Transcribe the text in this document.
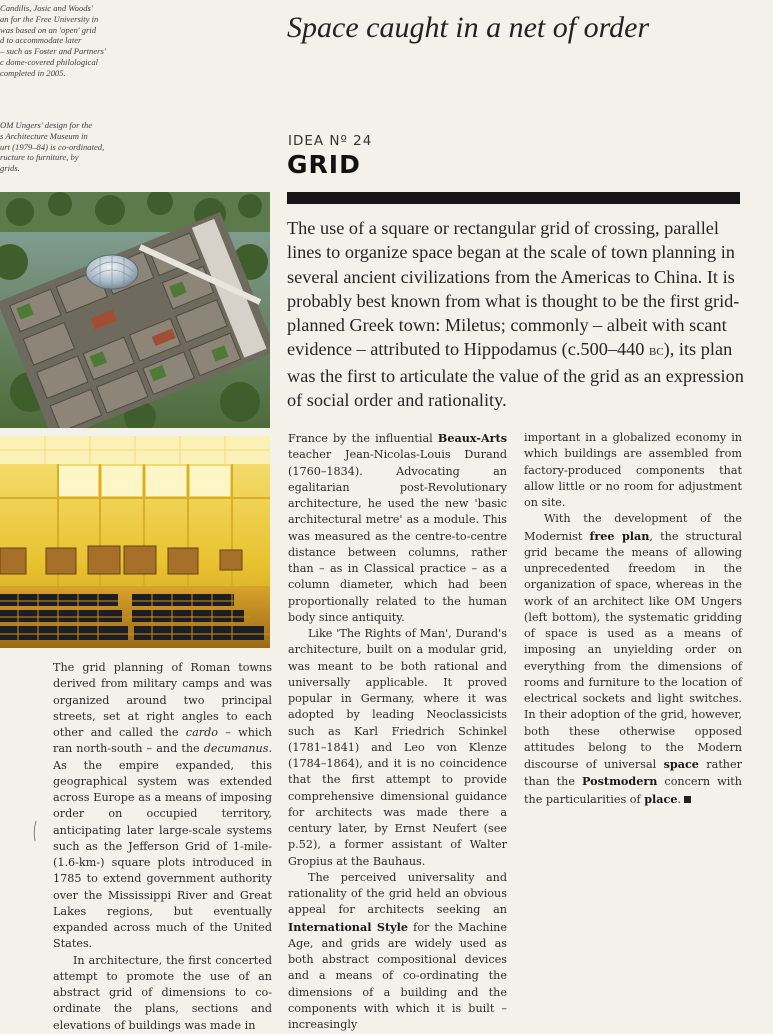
Candilis, Josic and Woods'
an for the Free University in
was based on an 'open' grid
d to accommodate later
– such as Foster and Partners'
c dome-covered philological
completed in 2005.
OM Ungers' design for the
s Architecture Museum in
urt (1979–84) is co-ordinated,
ructure to furniture, by
grids.
Space caught in a net of order
IDEA Nº 24
GRID

The use of a square or rectangular grid of crossing, parallel lines to organize space began at the scale of town planning in several ancient civilizations from the Americas to China. It is probably best known from what is thought to be the first grid-planned Greek town: Miletus; commonly – albeit with scant evidence – attributed to Hippodamus (c.500–440 bc), its plan was the first to articulate the value of the grid as an expression of social order and rationality.

The grid planning of Roman towns derived from military camps and was organized around two principal streets, set at right angles to each other and called the cardo – which ran north-south – and the decumanus. As the empire expanded, this geographical system was extended across Europe as a means of imposing order on occupied territory, anticipating later large-scale systems such as the Jefferson Grid of 1-mile-(1.6-km-) square plots introduced in 1785 to extend government authority over the Mississippi River and Great Lakes regions, but eventually expanded across much of the United States.

In architecture, the first concerted attempt to promote the use of an abstract grid of dimensions to co-ordinate the plans, sections and elevations of buildings was made in

France by the influential Beaux-Arts teacher Jean-Nicolas-Louis Durand (1760–1834). Advocating an egalitarian post-Revolutionary architecture, he used the new 'basic architectural metre' as a module. This was measured as the centre-to-centre distance between columns, rather than – as in Classical practice – as a column diameter, which had been proportionally related to the human body since antiquity.

Like 'The Rights of Man', Durand's architecture, built on a modular grid, was meant to be both rational and universally applicable. It proved popular in Germany, where it was adopted by leading Neoclassicists such as Karl Friedrich Schinkel (1781–1841) and Leo von Klenze (1784–1864), and it is no coincidence that the first attempt to provide comprehensive dimensional guidance for architects was made there a century later, by Ernst Neufert (see p.52), a former assistant of Walter Gropius at the Bauhaus.

The perceived universality and rationality of the grid held an obvious appeal for architects seeking an International Style for the Machine Age, and grids are widely used as both abstract compositional devices and a means of co-ordinating the dimensions of a building and the components with which it is built – increasingly

important in a globalized economy in which buildings are assembled from factory-produced components that allow little or no room for adjustment on site.

With the development of the Modernist free plan, the structural grid became the means of allowing unprecedented freedom in the organization of space, whereas in the work of an architect like OM Ungers (left bottom), the systematic gridding of space is used as a means of imposing an unyielding order on everything from the dimensions of rooms and furniture to the location of electrical sockets and light switches. In their adoption of the grid, however, both these otherwise opposed attitudes belong to the Modern discourse of universal space rather than the Postmodern concern with the particularities of place.
